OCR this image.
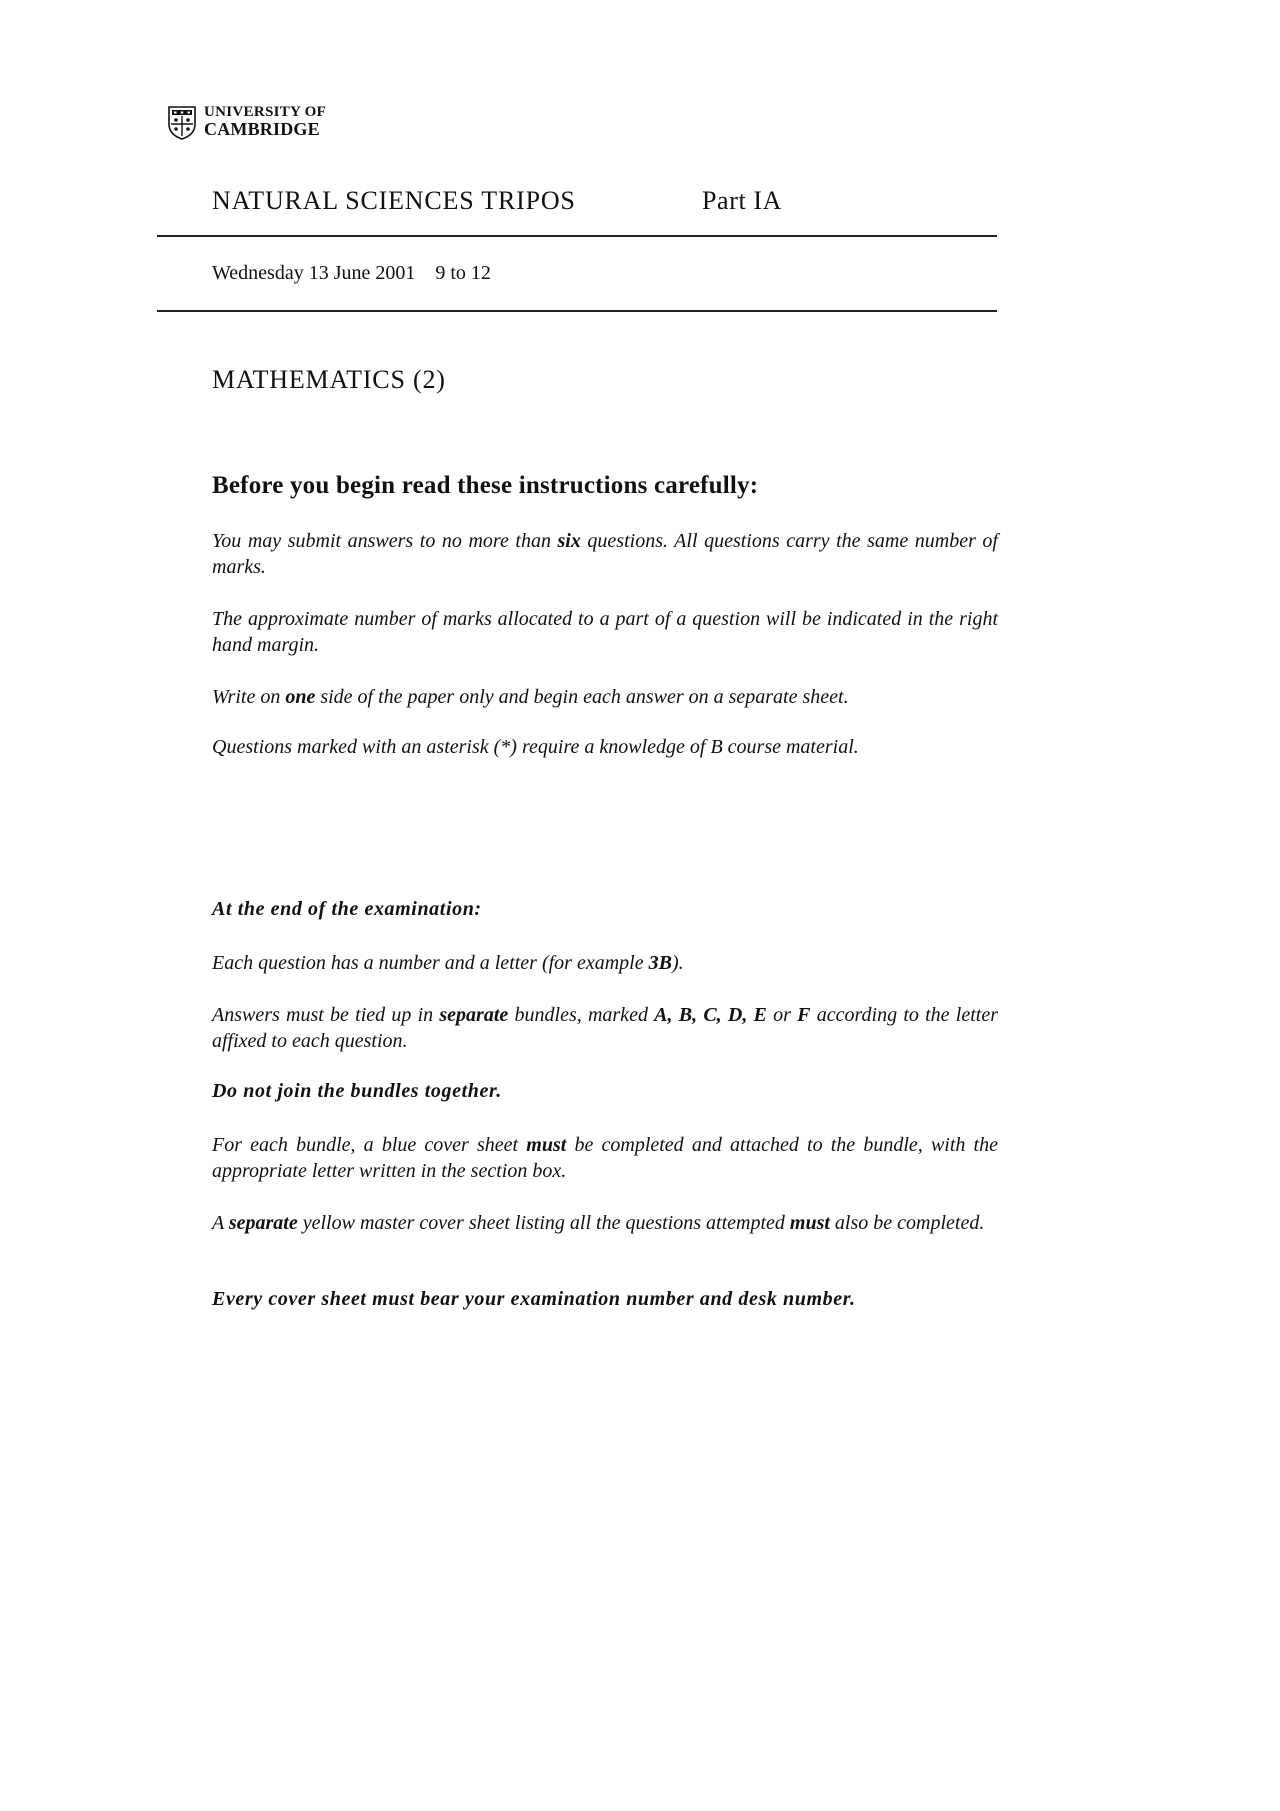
UNIVERSITY OF
CAMBRIDGE
NATURAL SCIENCES TRIPOS	Part IA
Wednesday 13 June 2001 9 to 12
MATHEMATICS (2)
Before you begin read these instructions carefully:

You may submit answers to no more than six questions. All questions carry the same number of marks.

The approximate number of marks allocated to a part of a question will be indicated in the right hand margin.

Write on one side of the paper only and begin each answer on a separate sheet.

Questions marked with an asterisk (*) require a knowledge of B course material.

At the end of the examination:

Each question has a number and a letter (for example 3B).

Answers must be tied up in separate bundles, marked A, B, C, D, E or F according to the letter affixed to each question.

Do not join the bundles together.

For each bundle, a blue cover sheet must be completed and attached to the bundle, with the appropriate letter written in the section box.

A separate yellow master cover sheet listing all the questions attempted must also be completed.

Every cover sheet must bear your examination number and desk number.
